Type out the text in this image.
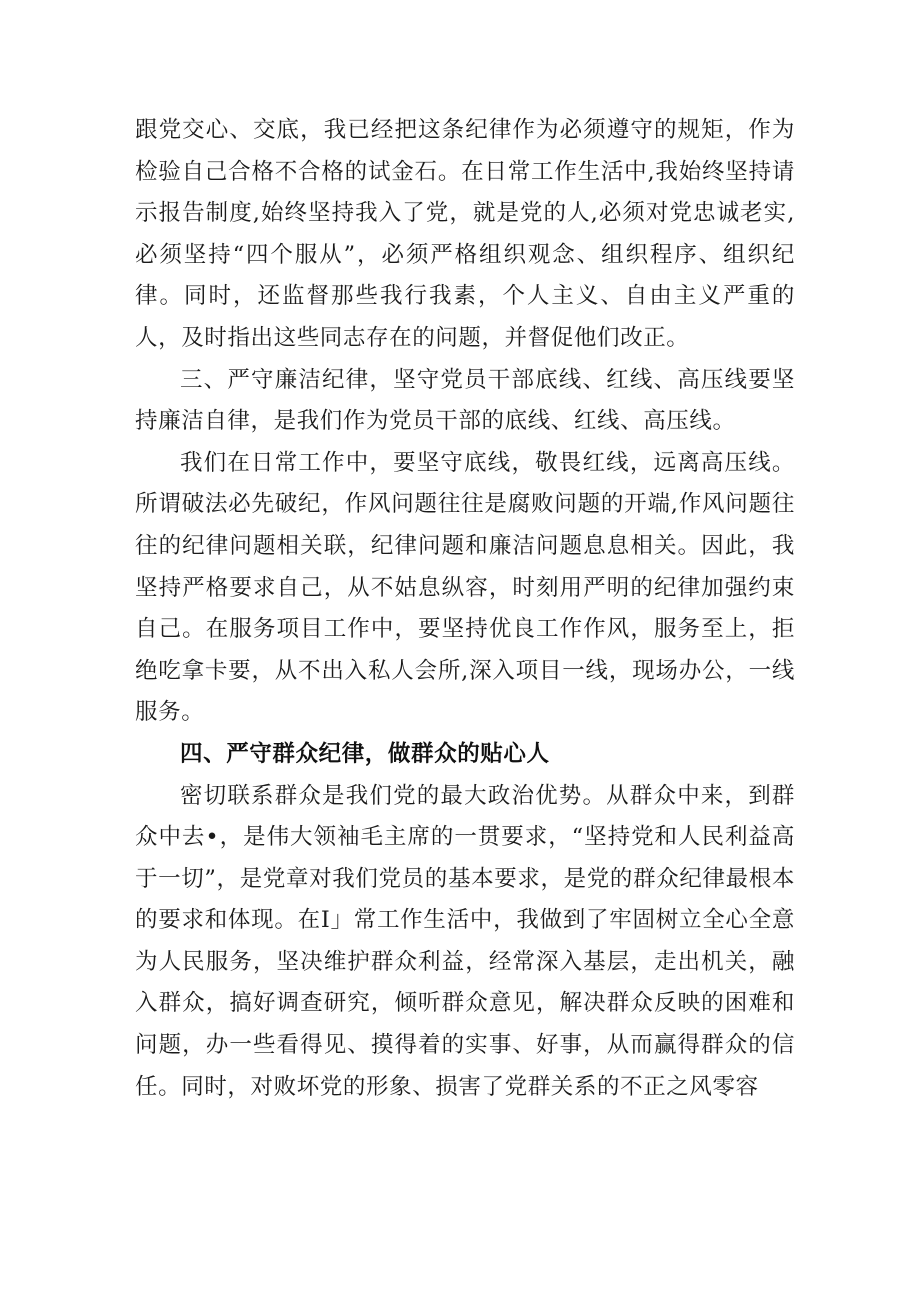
跟党交心、交底，我已经把这条纪律作为必须遵守的规矩，作为检验自己合格不合格的试金石。在日常工作生活中,我始终坚持请示报告制度,始终坚持我入了党，就是党的人,必须对党忠诚老实,必须坚持“四个服从”，必须严格组织观念、组织程序、组织纪律。同时，还监督那些我行我素，个人主义、自由主义严重的人，及时指出这些同志存在的问题，并督促他们改正。

三、严守廉洁纪律，坚守党员干部底线、红线、高压线要坚持廉洁自律，是我们作为党员干部的底线、红线、高压线。

我们在日常工作中，要坚守底线，敬畏红线，远离高压线。所谓破法必先破纪，作风问题往往是腐败问题的开端,作风问题往往的纪律问题相关联，纪律问题和廉洁问题息息相关。因此，我坚持严格要求自己，从不姑息纵容，时刻用严明的纪律加强约束自己。在服务项目工作中，要坚持优良工作作风，服务至上，拒绝吃拿卡要，从不出入私人会所,深入项目一线，现场办公，一线服务。

四、严守群众纪律，做群众的贴心人

密切联系群众是我们党的最大政治优势。从群众中来，到群众中去•，是伟大领袖毛主席的一贯要求，“坚持党和人民利益高于一切”，是党章对我们党员的基本要求，是党的群众纪律最根本的要求和体现。在I」常工作生活中，我做到了牢固树立全心全意为人民服务，坚决维护群众利益，经常深入基层，走出机关，融入群众，搞好调查研究，倾听群众意见，解决群众反映的困难和问题，办一些看得见、摸得着的实事、好事，从而赢得群众的信任。同时，对败坏党的形象、损害了党群关系的不正之风零容
